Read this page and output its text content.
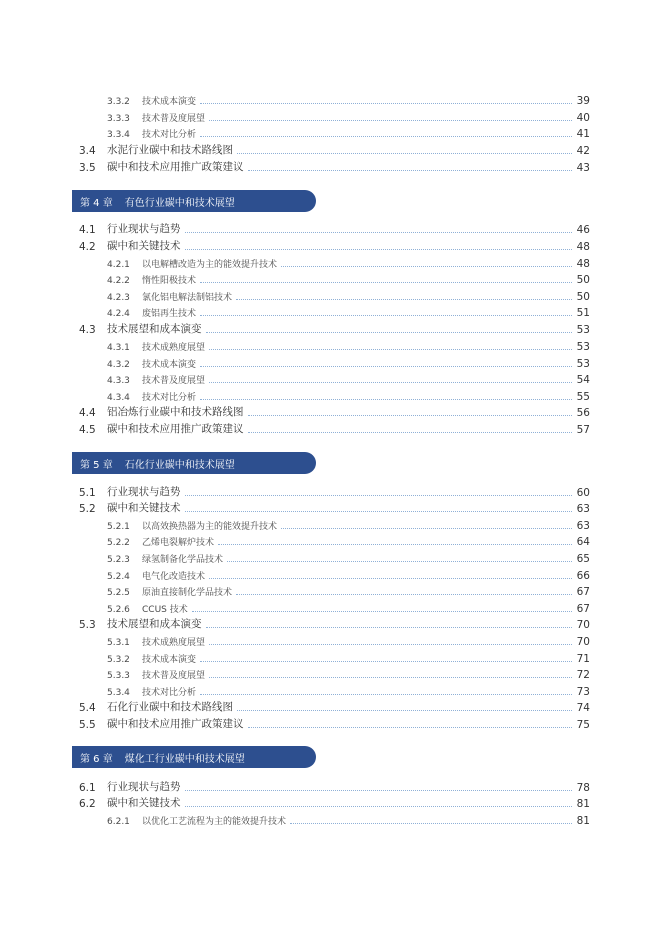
3.3.2	技术成本演变	39
3.3.3	技术普及度展望	40
3.3.4	技术对比分析	41
3.4	水泥行业碳中和技术路线图	42
3.5	碳中和技术应用推广政策建议	43
第 4 章 有色行业碳中和技术展望
4.1	行业现状与趋势	46
4.2	碳中和关键技术	48
4.2.1	以电解槽改造为主的能效提升技术	48
4.2.2	惰性阳极技术	50
4.2.3	氯化铝电解法制铝技术	50
4.2.4	废铝再生技术	51
4.3	技术展望和成本演变	53
4.3.1	技术成熟度展望	53
4.3.2	技术成本演变	53
4.3.3	技术普及度展望	54
4.3.4	技术对比分析	55
4.4	铝冶炼行业碳中和技术路线图	56
4.5	碳中和技术应用推广政策建议	57
第 5 章 石化行业碳中和技术展望
5.1	行业现状与趋势	60
5.2	碳中和关键技术	63
5.2.1	以高效换热器为主的能效提升技术	63
5.2.2	乙烯电裂解炉技术	64
5.2.3	绿氢制备化学品技术	65
5.2.4	电气化改造技术	66
5.2.5	原油直接制化学品技术	67
5.2.6	CCUS 技术	67
5.3	技术展望和成本演变	70
5.3.1	技术成熟度展望	70
5.3.2	技术成本演变	71
5.3.3	技术普及度展望	72
5.3.4	技术对比分析	73
5.4	石化行业碳中和技术路线图	74
5.5	碳中和技术应用推广政策建议	75
第 6 章 煤化工行业碳中和技术展望
6.1	行业现状与趋势	78
6.2	碳中和关键技术	81
6.2.1	以优化工艺流程为主的能效提升技术	81
